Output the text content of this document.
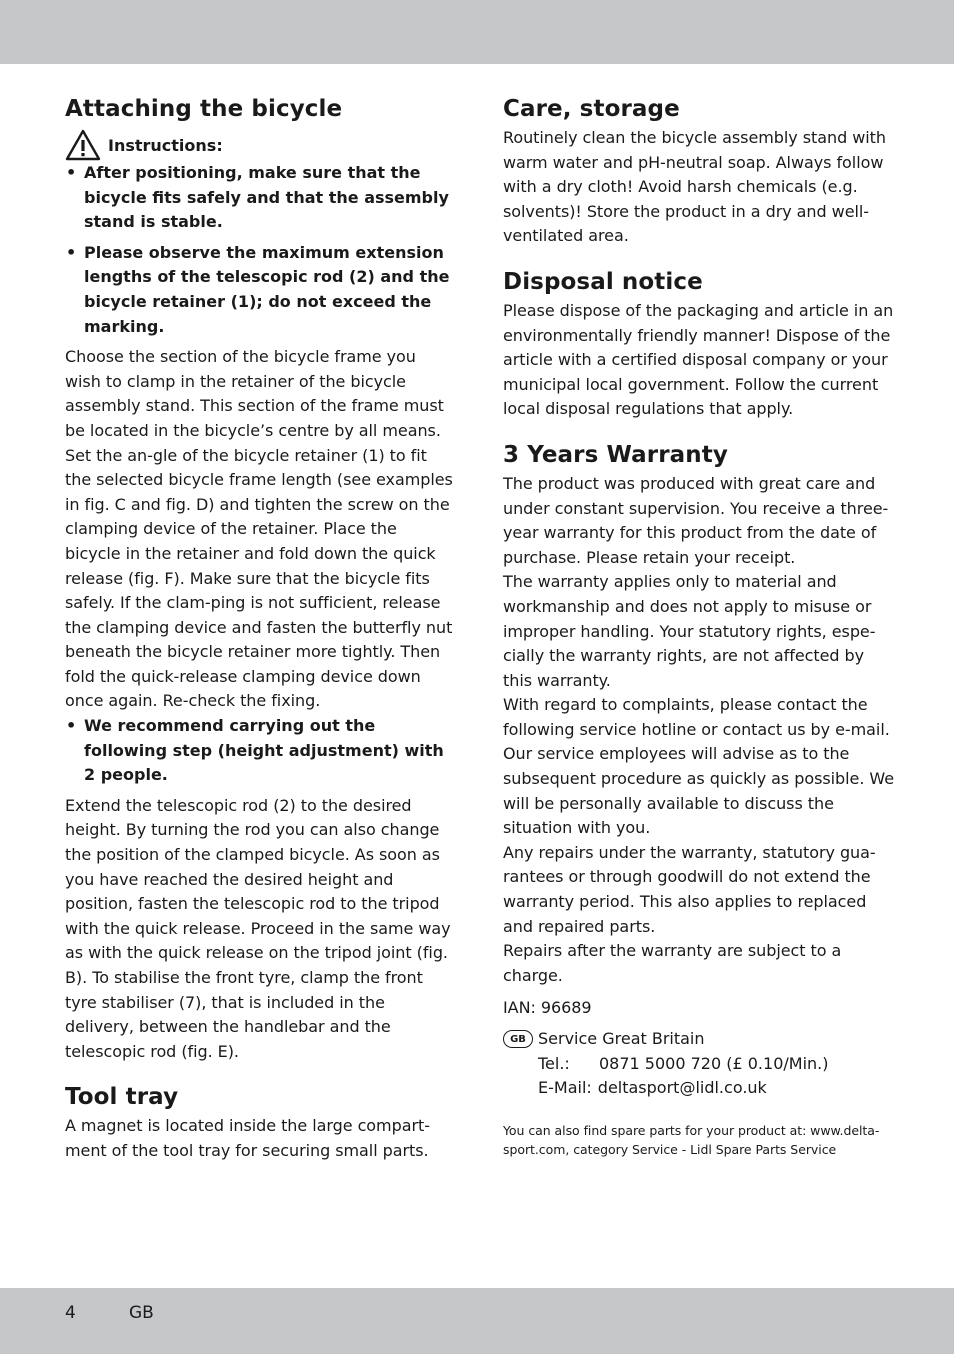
Attaching the bicycle
Instructions:
• After positioning, make sure that the bicycle fits safely and that the assembly stand is stable.
• Please observe the maximum extension lengths of the telescopic rod (2) and the bicycle retainer (1); do not exceed the marking.

Choose the section of the bicycle frame you wish to clamp in the retainer of the bicycle assembly stand. This section of the frame must be located in the bicycle’s centre by all means. Set the an-gle of the bicycle retainer (1) to fit the selected bicycle frame length (see examples in fig. C and fig. D) and tighten the screw on the clamping device of the retainer. Place the bicycle in the retainer and fold down the quick release (fig. F). Make sure that the bicycle fits safely. If the clam-ping is not sufficient, release the clamping device and fasten the butterfly nut beneath the bicycle retainer more tightly. Then fold the quick-release clamping device down once again. Re-check the fixing.

• We recommend carrying out the following step (height adjustment) with 2 people.

Extend the telescopic rod (2) to the desired height. By turning the rod you can also change the position of the clamped bicycle. As soon as you have reached the desired height and position, fasten the telescopic rod to the tripod with the quick release. Proceed in the same way as with the quick release on the tripod joint (fig. B). To stabilise the front tyre, clamp the front tyre stabiliser (7), that is included in the delivery, between the handlebar and the telescopic rod (fig. E).

Tool tray

A magnet is located inside the large compart-ment of the tool tray for securing small parts.

Care, storage

Routinely clean the bicycle assembly stand with warm water and pH-neutral soap. Always follow with a dry cloth! Avoid harsh chemicals (e.g. solvents)! Store the product in a dry and well-ventilated area.

Disposal notice

Please dispose of the packaging and article in an environmentally friendly manner! Dispose of the article with a certified disposal company or your municipal local government. Follow the current local disposal regulations that apply.

3 Years Warranty

The product was produced with great care and under constant supervision. You receive a three-year warranty for this product from the date of purchase. Please retain your receipt.

The warranty applies only to material and workmanship and does not apply to misuse or improper handling. Your statutory rights, espe-cially the warranty rights, are not affected by this warranty.

With regard to complaints, please contact the following service hotline or contact us by e-mail. Our service employees will advise as to the subsequent procedure as quickly as possible. We will be personally available to discuss the situation with you.

Any repairs under the warranty, statutory gua-rantees or through goodwill do not extend the warranty period. This also applies to replaced and repaired parts.

Repairs after the warranty are subject to a charge.

IAN: 96689

GB Service Great Britain
Tel.: 0871 5000 720 (£ 0.10/Min.)
E-Mail: deltasport@lidl.co.uk

You can also find spare parts for your product at: www.delta-sport.com, category Service - Lidl Spare Parts Service

4	GB
